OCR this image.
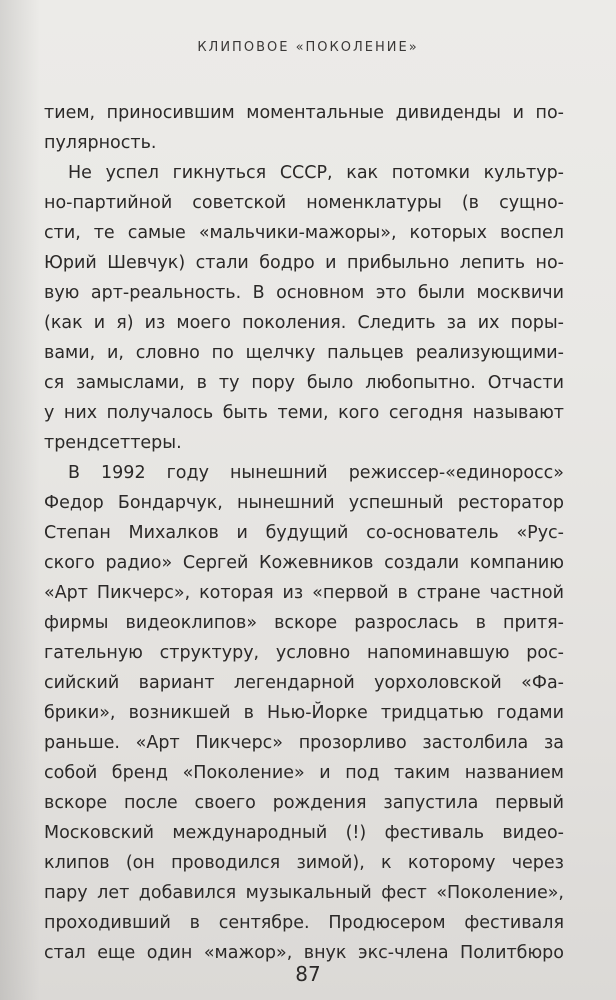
КЛИПОВОЕ «ПОКОЛЕНИЕ»
тием, приносившим моментальные дивиденды и по-
пулярность.
Не успел гикнуться СССР, как потомки культур-
но-партийной советской номенклатуры (в сущно-
сти, те самые «мальчики-мажоры», которых воспел
Юрий Шевчук) стали бодро и прибыльно лепить но-
вую арт-реальность. В основном это были москвичи
(как и я) из моего поколения. Следить за их поры-
вами, и, словно по щелчку пальцев реализующими-
ся замыслами, в ту пору было любопытно. Отчасти
у них получалось быть теми, кого сегодня называют
трендсеттеры.
В 1992 году нынешний режиссер-«единоросс»
Федор Бондарчук, нынешний успешный ресторатор
Степан Михалков и будущий со-основатель «Рус-
ского радио» Сергей Кожевников создали компанию
«Арт Пикчерс», которая из «первой в стране частной
фирмы видеоклипов» вскоре разрослась в притя-
гательную структуру, условно напоминавшую рос-
сийский вариант легендарной уорхоловской «Фа-
брики», возникшей в Нью-Йорке тридцатью годами
раньше. «Арт Пикчерс» прозорливо застолбила за
собой бренд «Поколение» и под таким названием
вскоре после своего рождения запустила первый
Московский международный (!) фестиваль видео-
клипов (он проводился зимой), к которому через
пару лет добавился музыкальный фест «Поколение»,
проходивший в сентябре. Продюсером фестиваля
стал еще один «мажор», внук экс-члена Политбюро
87
